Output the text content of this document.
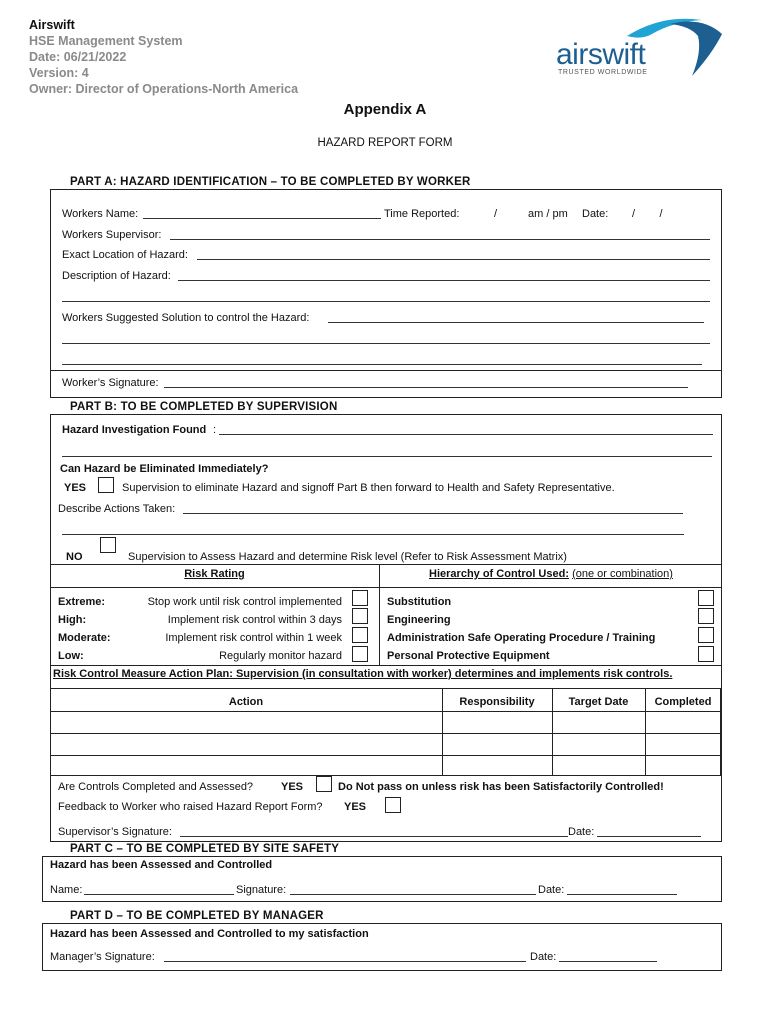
Airswift
HSE Management System
Date: 06/21/2022
Version: 4
Owner: Director of Operations-North America
airswift
TRUSTED WORLDWIDE
Appendix A
HAZARD REPORT FORM
PART A: HAZARD IDENTIFICATION – TO BE COMPLETED BY WORKER
Workers Name:	Time Reported:	/	am / pm Date: /        /
Workers Supervisor:
Exact Location of Hazard:
Description of Hazard:
Workers Suggested Solution to control the Hazard:
Worker’s Signature:
PART B: TO BE COMPLETED BY SUPERVISION
Hazard Investigation Found :
Can Hazard be Eliminated Immediately?
YES	Supervision to eliminate Hazard and signoff Part B then forward to Health and Safety Representative.
Describe Actions Taken:
NO	Supervision to Assess Hazard and determine Risk level (Refer to Risk Assessment Matrix)
Risk Rating	Hierarchy of Control Used: (one or combination)
Extreme:	Stop work until risk control implemented	Substitution
High:	Implement risk control within 3 days	Engineering
Moderate:	Implement risk control within 1 week	Administration Safe Operating Procedure / Training
Low:	Regularly monitor hazard	Personal Protective Equipment
Risk Control Measure Action Plan: Supervision (in consultation with worker) determines and implements risk controls.
Action	Responsibility	Target Date	Completed
Are Controls Completed and Assessed?	YES	Do Not pass on unless risk has been Satisfactorily Controlled!
Feedback to Worker who raised Hazard Report Form? YES
Supervisor’s Signature:	Date:
PART C – TO BE COMPLETED BY SITE SAFETY
Hazard has been Assessed and Controlled
Name:	Signature:	Date:
PART D – TO BE COMPLETED BY MANAGER
Hazard has been Assessed and Controlled to my satisfaction
Manager’s Signature:	Date:
